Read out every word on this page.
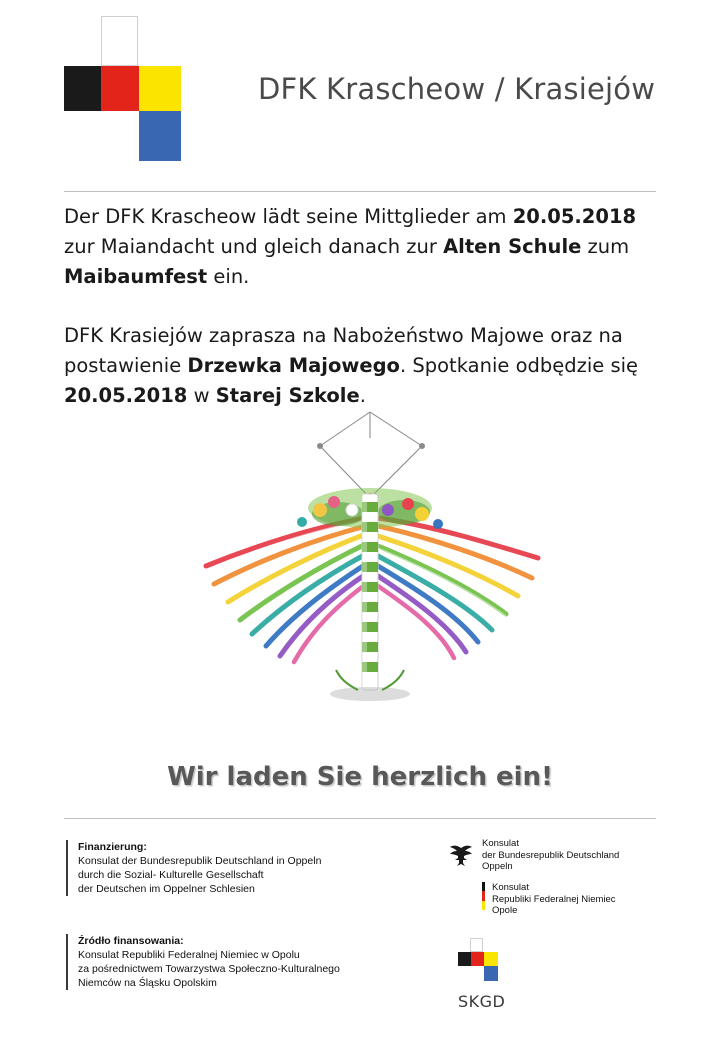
DFK Krascheow / Krasiejów

Der DFK Krascheow lädt seine Mittglieder am 20.05.2018 zur Maiandacht und gleich danach zur Alten Schule zum Maibaumfest ein.

DFK Krasiejów zaprasza na Nabożeństwo Majowe oraz na postawienie Drzewka Majowego. Spotkanie odbędzie się 20.05.2018 w Starej Szkole.

Wir laden Sie herzlich ein!
Finanzierung:
Konsulat der Bundesrepublik Deutschland in Oppeln
durch die Sozial- Kulturelle Gesellschaft
der Deutschen im Oppelner Schlesien
Źródło finansowania:
Konsulat Republiki Federalnej Niemiec w Opolu
za pośrednictwem Towarzystwa Społeczno-Kulturalnego
Niemców na Śląsku Opolskim
Konsulat
der Bundesrepublik Deutschland
Oppeln
Konsulat
Republiki Federalnej Niemiec
Opole
SKGD
